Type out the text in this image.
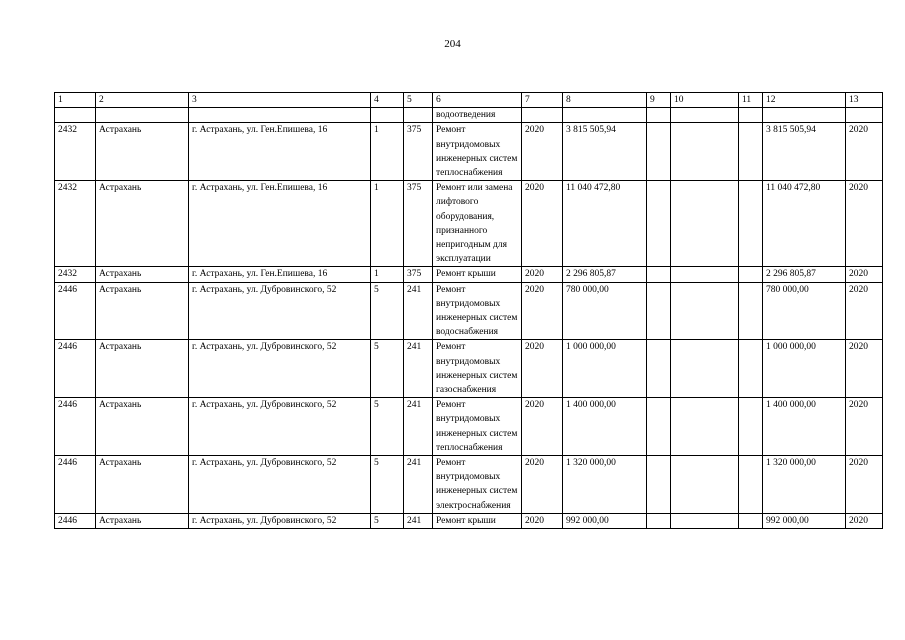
204
1	2	3	4	5	6	7	8	9	10	11	12	13
					водоотведения							
2432	Астрахань	г. Астрахань, ул. Ген.Епишева, 16	1	375	Ремонт внутридомовых инженерных систем теплоснабжения	2020	3 815 505,94				3 815 505,94	2020
2432	Астрахань	г. Астрахань, ул. Ген.Епишева, 16	1	375	Ремонт или замена лифтового оборудования, признанного непригодным для эксплуатации	2020	11 040 472,80				11 040 472,80	2020
2432	Астрахань	г. Астрахань, ул. Ген.Епишева, 16	1	375	Ремонт крыши	2020	2 296 805,87				2 296 805,87	2020
2446	Астрахань	г. Астрахань, ул. Дубровинского, 52	5	241	Ремонт внутридомовых инженерных систем водоснабжения	2020	780 000,00				780 000,00	2020
2446	Астрахань	г. Астрахань, ул. Дубровинского, 52	5	241	Ремонт внутридомовых инженерных систем газоснабжения	2020	1 000 000,00				1 000 000,00	2020
2446	Астрахань	г. Астрахань, ул. Дубровинского, 52	5	241	Ремонт внутридомовых инженерных систем теплоснабжения	2020	1 400 000,00				1 400 000,00	2020
2446	Астрахань	г. Астрахань, ул. Дубровинского, 52	5	241	Ремонт внутридомовых инженерных систем электроснабжения	2020	1 320 000,00				1 320 000,00	2020
2446	Астрахань	г. Астрахань, ул. Дубровинского, 52	5	241	Ремонт крыши	2020	992 000,00				992 000,00	2020
